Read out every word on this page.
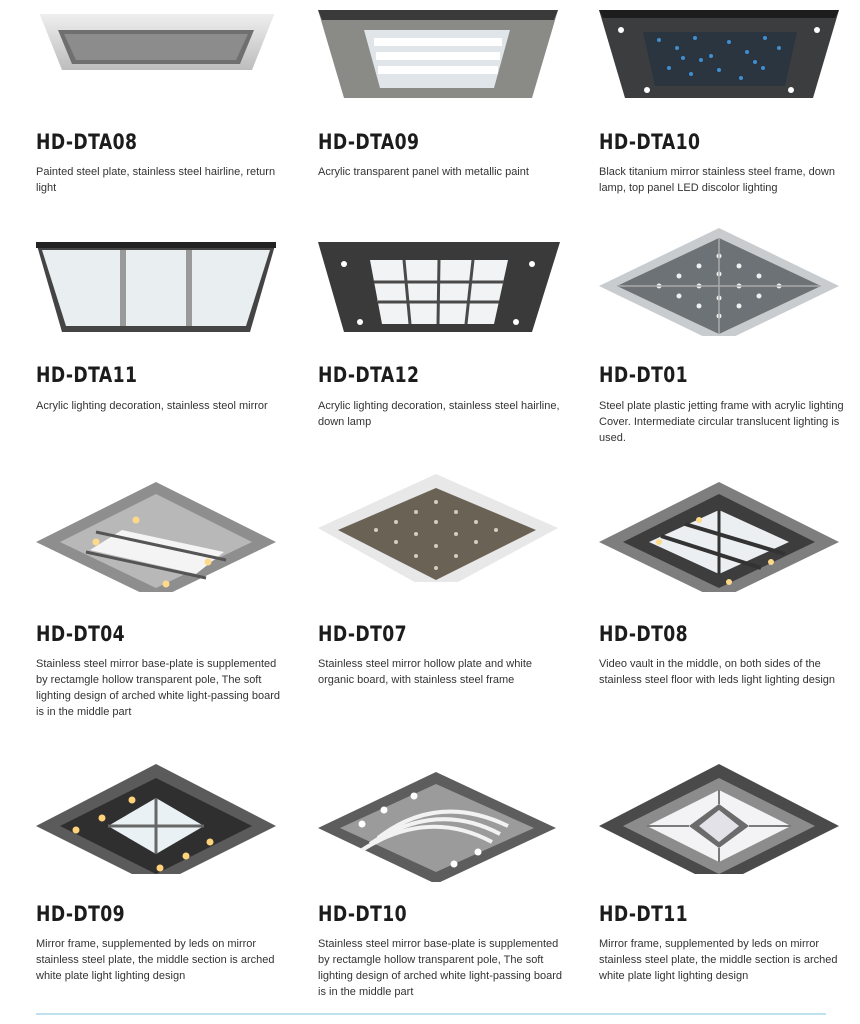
HD-DTA08
Painted steel plate, stainless steel hairline, return light
HD-DTA09
Acrylic transparent panel with metallic paint
HD-DTA10
Black titanium mirror stainless steel frame, down lamp, top panel LED discolor lighting
HD-DTA11
Acrylic lighting decoration, stainless steol mirror
HD-DTA12
Acrylic lighting decoration, stainless steel hairline, down lamp
HD-DT01
Steel plate plastic jetting frame with acrylic lighting Cover. Intermediate circular translucent lighting is used.
HD-DT04
Stainless steel mirror base-plate is supplemented by rectamgle hollow transparent pole, The soft lighting design of arched white light-passing board is in the middle part
HD-DT07
Stainless steel mirror hollow plate and white organic board, with stainless steel frame
HD-DT08
Video vault in the middle, on both sides of the stainless steel floor with leds light lighting design
HD-DT09
Mirror frame, supplemented by leds on mirror stainless steel plate, the middle section is arched white plate light lighting design
HD-DT10
Stainless steel mirror base-plate is supplemented by rectamgle hollow transparent pole, The soft lighting design of arched white light-passing board is in the middle part
HD-DT11
Mirror frame, supplemented by leds on mirror stainless steel plate, the middle section is arched white plate light lighting design
